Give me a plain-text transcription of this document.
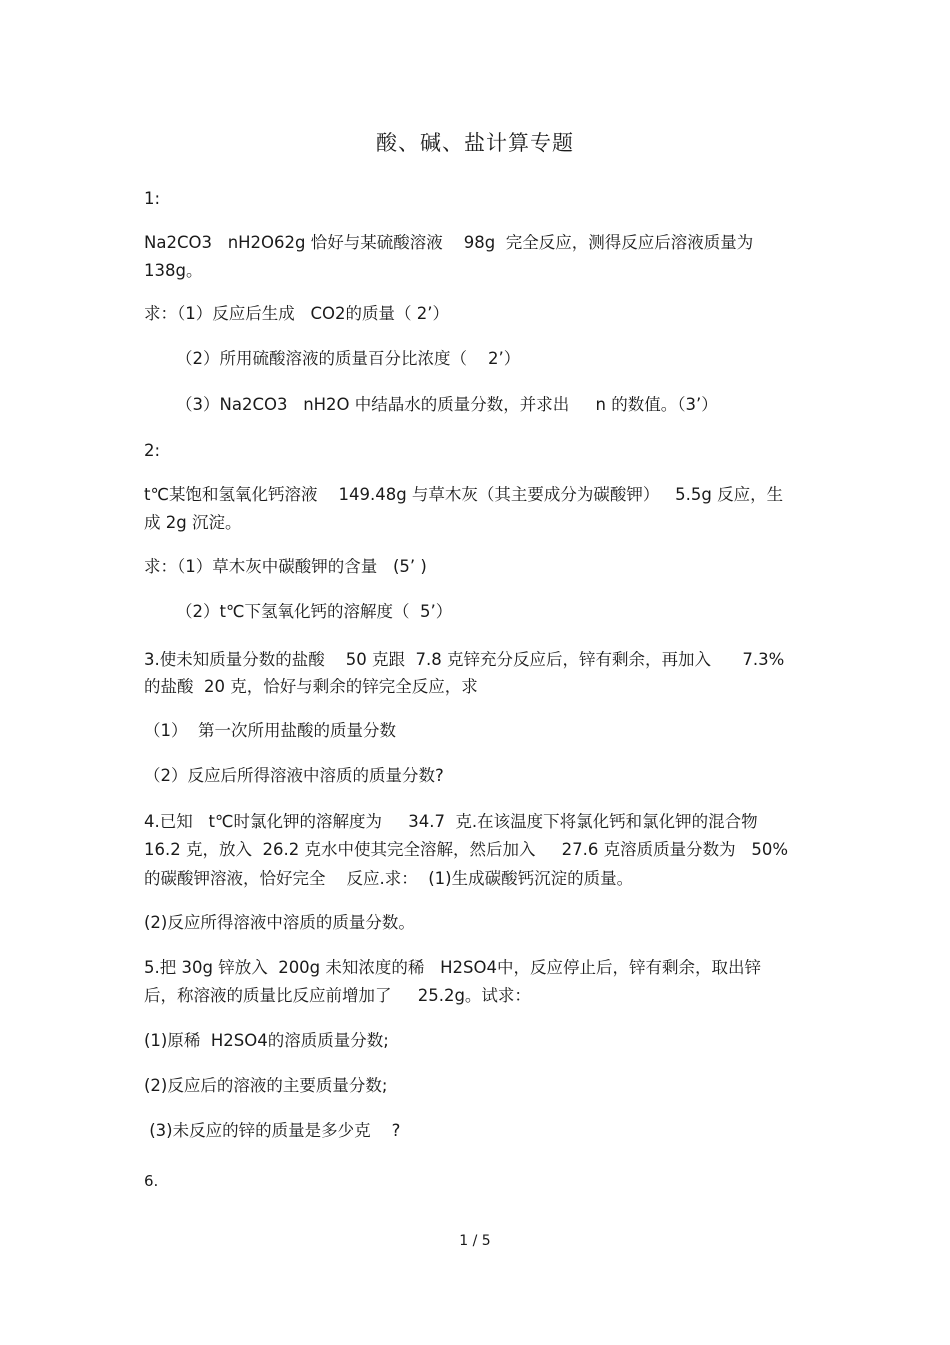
酸、碱、盐计算专题
1:
Na2CO3   nH2O62g 恰好与某硫酸溶液    98g  完全反应，测得反应后溶液质量为
138g。
求：（1）反应后生成   CO2的质量（ 2’）
（2）所用硫酸溶液的质量百分比浓度（    2’）
（3）Na2CO3   nH2O 中结晶水的质量分数，并求出     n 的数值。（3’）
2:
t℃某饱和氢氧化钙溶液    149.48g 与草木灰（其主要成分为碳酸钾）   5.5g 反应，生
成 2g 沉淀。
求：（1）草木灰中碳酸钾的含量   (5’ )
（2）t℃下氢氧化钙的溶解度（  5’）
3.使未知质量分数的盐酸    50 克跟  7.8 克锌充分反应后，锌有剩余，再加入      7.3%
的盐酸  20 克，恰好与剩余的锌完全反应，求
（1）  第一次所用盐酸的质量分数
（2）反应后所得溶液中溶质的质量分数?
4.已知   t℃时氯化钾的溶解度为     34.7  克.在该温度下将氯化钙和氯化钾的混合物
16.2 克，放入  26.2 克水中使其完全溶解，然后加入     27.6 克溶质质量分数为   50%
的碳酸钾溶液，恰好完全    反应.求：  (1)生成碳酸钙沉淀的质量。
(2)反应所得溶液中溶质的质量分数。
5.把 30g 锌放入  200g 未知浓度的稀   H2SO4中，反应停止后，锌有剩余，取出锌
后，称溶液的质量比反应前增加了     25.2g。试求：
(1)原稀  H2SO4的溶质质量分数;
(2)反应后的溶液的主要质量分数;
(3)未反应的锌的质量是多少克    ?
6.
1 / 5
